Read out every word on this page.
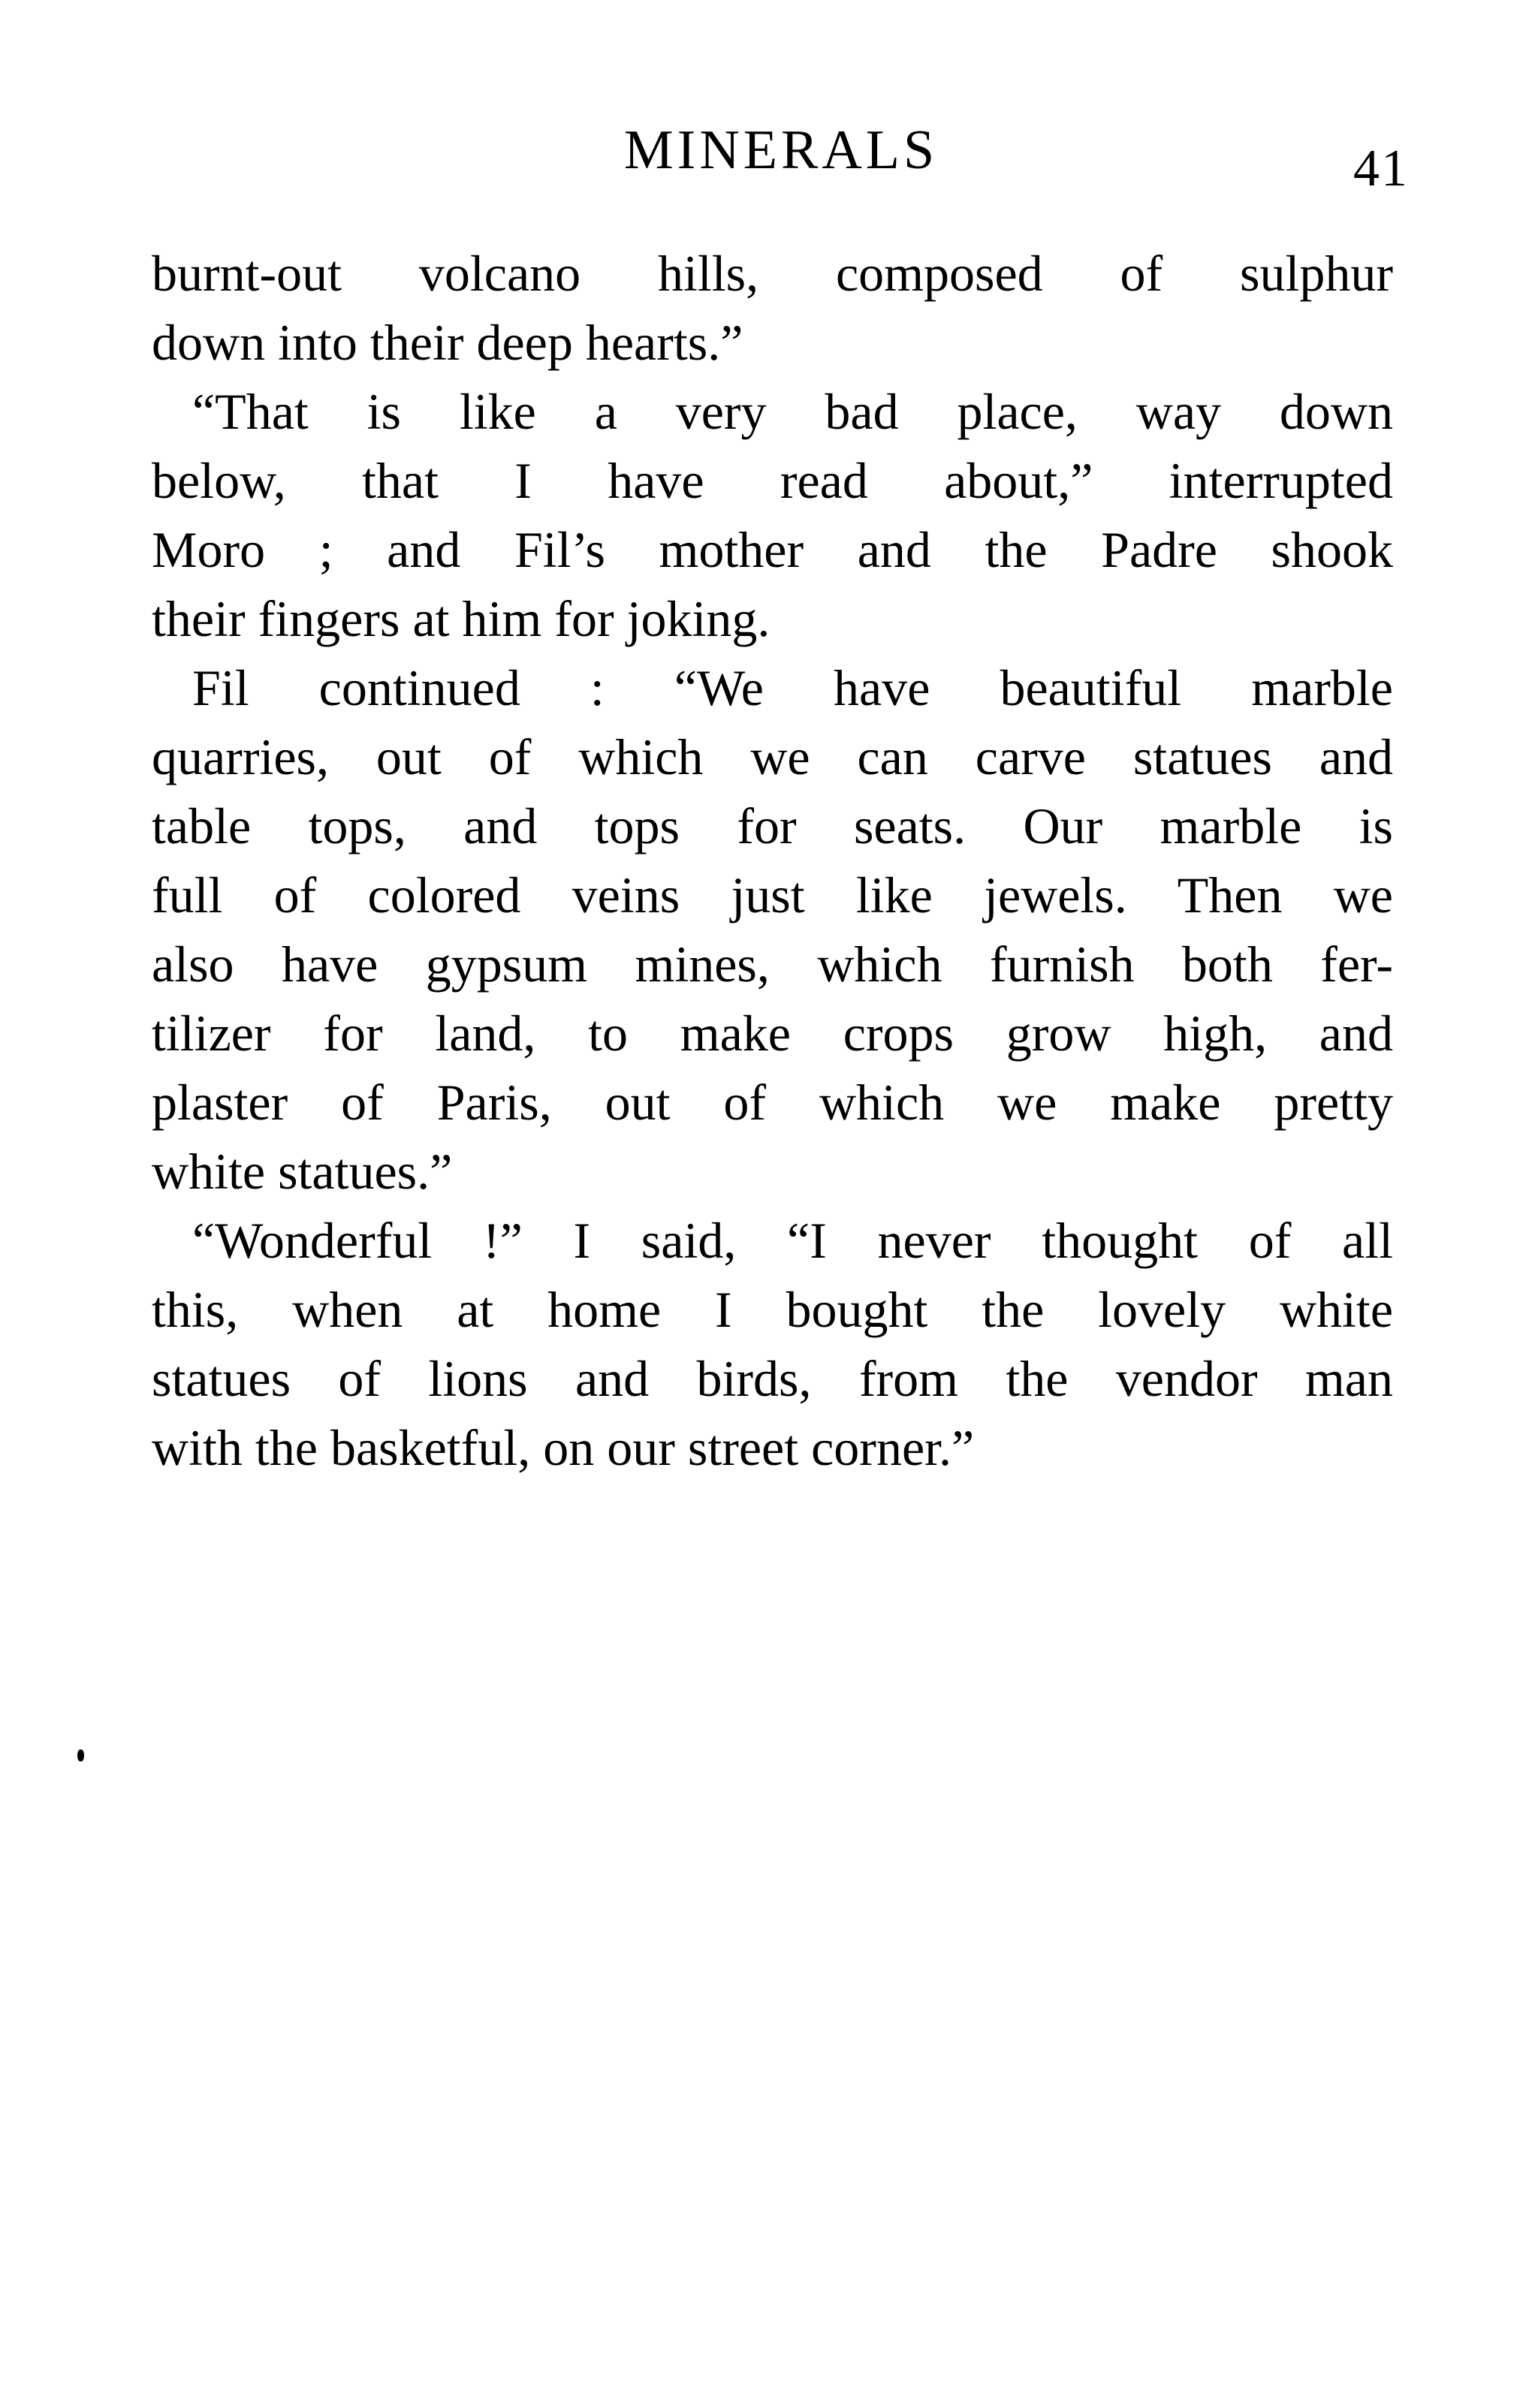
MINERALS	41
burnt-out volcano hills, composed of sulphur
down into their deep hearts.”
“That is like a very bad place, way down
below, that I have read about,” interrupted
Moro ; and Fil’s mother and the Padre shook
their fingers at him for joking.
Fil continued : “We have beautiful marble
quarries, out of which we can carve statues and
table tops, and tops for seats. Our marble is
full of colored veins just like jewels. Then we
also have gypsum mines, which furnish both fer-
tilizer for land, to make crops grow high, and
plaster of Paris, out of which we make pretty
white statues.”
“Wonderful !” I said, “I never thought of all
this, when at home I bought the lovely white
statues of lions and birds, from the vendor man
with the basketful, on our street corner.”
